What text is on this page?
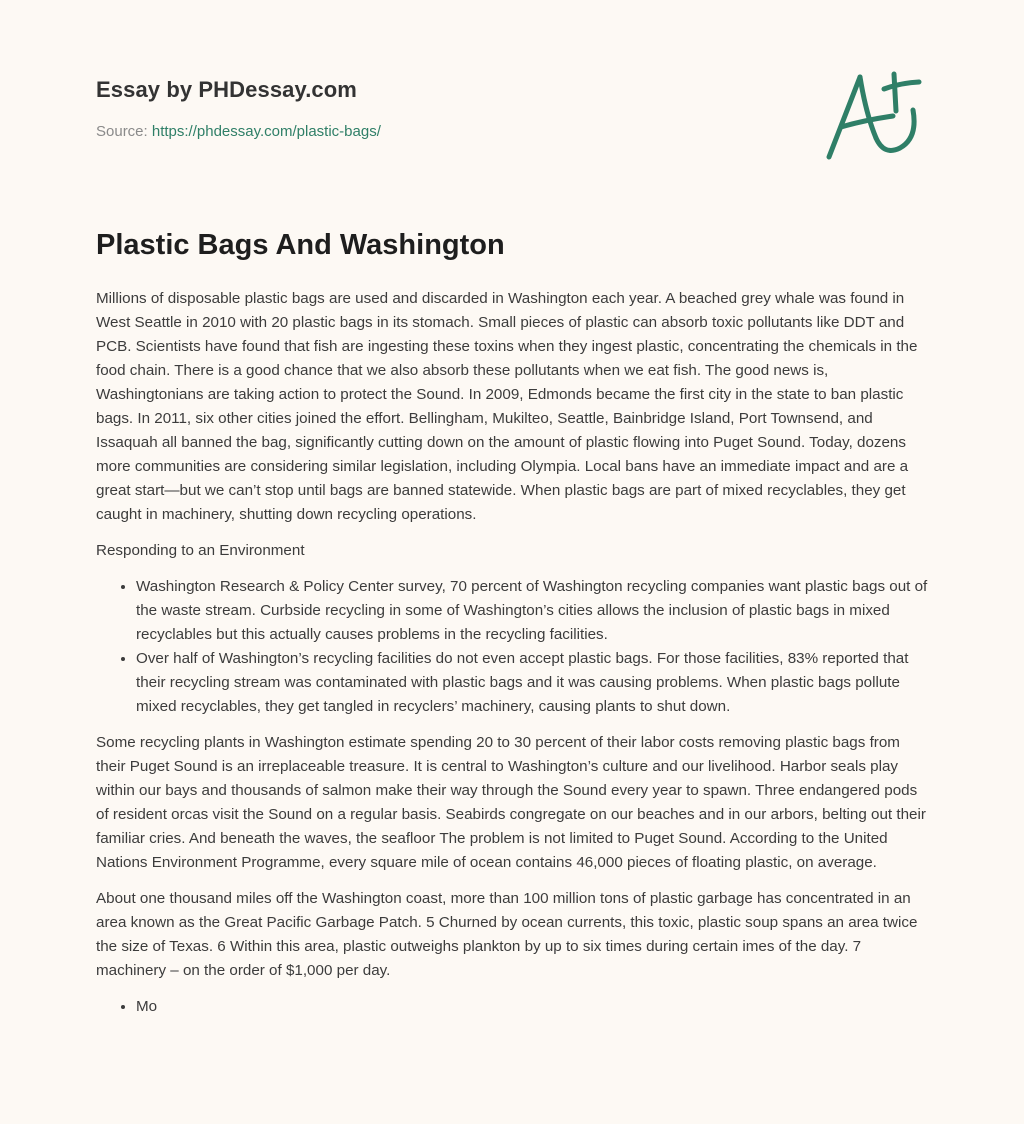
Essay by PHDessay.com
Source: https://phdessay.com/plastic-bags/
Plastic Bags And Washington

Millions of disposable plastic bags are used and discarded in Washington each year. A beached grey whale was found in West Seattle in 2010 with 20 plastic bags in its stomach. Small pieces of plastic can absorb toxic pollutants like DDT and PCB. Scientists have found that fish are ingesting these toxins when they ingest plastic, concentrating the chemicals in the food chain. There is a good chance that we also absorb these pollutants when we eat fish. The good news is, Washingtonians are taking action to protect the Sound. In 2009, Edmonds became the first city in the state to ban plastic bags. In 2011, six other cities joined the effort. Bellingham, Mukilteo, Seattle, Bainbridge Island, Port Townsend, and Issaquah all banned the bag, significantly cutting down on the amount of plastic flowing into Puget Sound. Today, dozens more communities are considering similar legislation, including Olympia. Local bans have an immediate impact and are a great start—but we can’t stop until bags are banned statewide. When plastic bags are part of mixed recyclables, they get caught in machinery, shutting down recycling operations.

Responding to an Environment

• Washington Research & Policy Center survey, 70 percent of Washington recycling companies want plastic bags out of the waste stream. Curbside recycling in some of Washington’s cities allows the inclusion of plastic bags in mixed recyclables but this actually causes problems in the recycling facilities.
• Over half of Washington’s recycling facilities do not even accept plastic bags. For those facilities, 83% reported that their recycling stream was contaminated with plastic bags and it was causing problems. When plastic bags pollute mixed recyclables, they get tangled in recyclers’ machinery, causing plants to shut down.

Some recycling plants in Washington estimate spending 20 to 30 percent of their labor costs removing plastic bags from their Puget Sound is an irreplaceable treasure. It is central to Washington’s culture and our livelihood. Harbor seals play within our bays and thousands of salmon make their way through the Sound every year to spawn. Three endangered pods of resident orcas visit the Sound on a regular basis. Seabirds congregate on our beaches and in our arbors, belting out their familiar cries. And beneath the waves, the seafloor The problem is not limited to Puget Sound. According to the United Nations Environment Programme, every square mile of ocean contains 46,000 pieces of floating plastic, on average.

About one thousand miles off the Washington coast, more than 100 million tons of plastic garbage has concentrated in an area known as the Great Pacific Garbage Patch. 5 Churned by ocean currents, this toxic, plastic soup spans an area twice the size of Texas. 6 Within this area, plastic outweighs plankton by up to six times during certain imes of the day. 7 machinery – on the order of $1,000 per day.

• Mo
